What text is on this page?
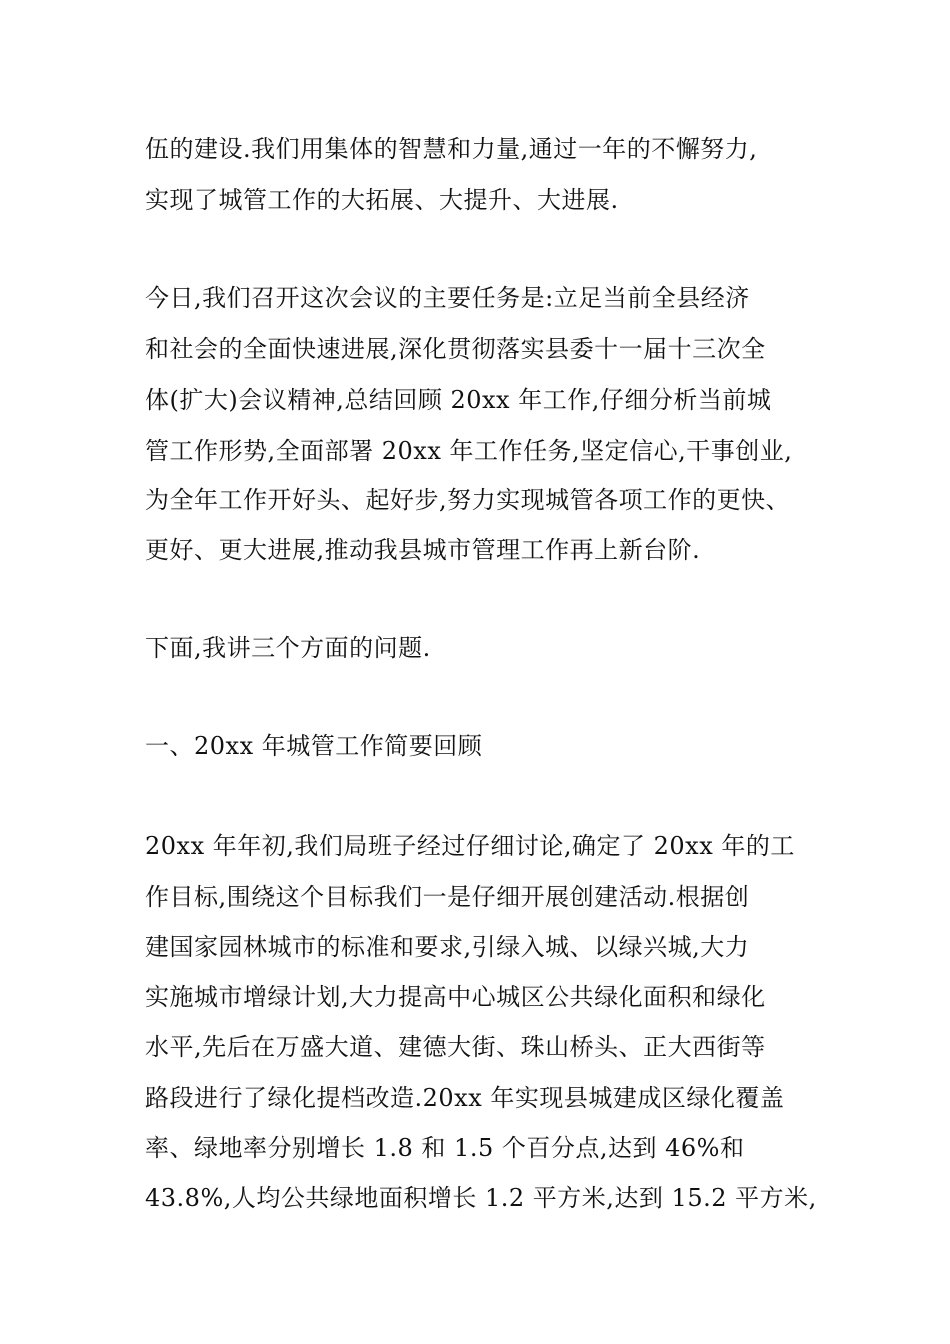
伍的建设.我们用集体的智慧和力量,通过一年的不懈努力,
实现了城管工作的大拓展、大提升、大进展.
今日,我们召开这次会议的主要任务是:立足当前全县经济
和社会的全面快速进展,深化贯彻落实县委十一届十三次全
体(扩大)会议精神,总结回顾 20xx 年工作,仔细分析当前城
管工作形势,全面部署 20xx 年工作任务,坚定信心,干事创业,
为全年工作开好头、起好步,努力实现城管各项工作的更快、
更好、更大进展,推动我县城市管理工作再上新台阶.
下面,我讲三个方面的问题.
一、20xx 年城管工作简要回顾
20xx 年年初,我们局班子经过仔细讨论,确定了 20xx 年的工
作目标,围绕这个目标我们一是仔细开展创建活动.根据创
建国家园林城市的标准和要求,引绿入城、以绿兴城,大力
实施城市增绿计划,大力提高中心城区公共绿化面积和绿化
水平,先后在万盛大道、建德大街、珠山桥头、正大西街等
路段进行了绿化提档改造.20xx 年实现县城建成区绿化覆盖
率、绿地率分别增长 1.8 和 1.5 个百分点,达到 46%和
43.8%,人均公共绿地面积增长 1.2 平方米,达到 15.2 平方米,
